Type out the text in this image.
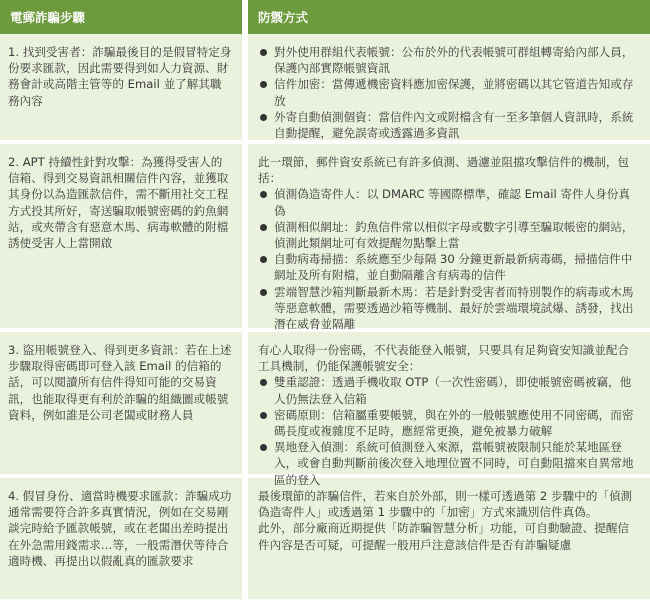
電郵詐騙步驟	防禦方式

1. 找到受害者：詐騙最後目的是假冒特定身份要求匯款，因此需要得到如人力資源、財務會計或高階主管等的 Email 並了解其職務內容

對外使用群組代表帳號：公布於外的代表帳號可群組轉寄給內部人員，保護內部實際帳號資訊
信件加密：當傳遞機密資料應加密保護，並將密碼以其它管道告知或存放
外寄自動偵測個資：當信件內文或附檔含有一至多筆個人資訊時，系統自動提醒，避免誤寄或透露過多資訊

2. APT 持續性針對攻擊：為獲得受害人的信箱、得到交易資訊相關信件內容，並獲取其身份以為造匯款信件，需不斷用社交工程方式投其所好，寄送騙取帳號密碼的釣魚網站，或夾帶含有惡意木馬、病毒軟體的附檔誘使受害人上當開啟

此一環節，郵件資安系統已有許多偵測、過濾並阻擋攻擊信件的機制，包括：

偵測偽造寄件人：以 DMARC 等國際標準，確認 Email 寄件人身份真偽
偵測相似網址：釣魚信件常以相似字母或數字引導至騙取帳密的網站，偵測此類網址可有效提醒勿點擊上當
自動病毒掃描：系統應至少每隔 30 分鐘更新最新病毒碼，掃描信件中網址及所有附檔，並自動隔離含有病毒的信件
雲端智慧沙箱判斷最新木馬：若是針對受害者而特別製作的病毒或木馬等惡意軟體，需要透過沙箱等機制、最好於雲端環境試爆、誘發，找出潛在威脅並隔離

3. 盜用帳號登入、得到更多資訊：若在上述步驟取得密碼即可登入該 Email 的信箱的話，可以閱讀所有信件得知可能的交易資訊，也能取得更有利於詐騙的組織圖或帳號資料，例如誰是公司老闆或財務人員

有心人取得一份密碼，不代表能登入帳號，只要具有足夠資安知識並配合工具機制，仍能保護帳號安全：

雙重認證：透過手機收取 OTP（一次性密碼），即使帳號密碼被竊，他人仍無法登入信箱
密碼原則：信箱屬重要帳號，與在外的一般帳號應使用不同密碼，而密碼長度或複雜度不足時，應經常更換，避免被暴力破解
異地登入偵測：系統可偵測登入來源，當帳號被限制只能於某地區登入，或會自動判斷前後次登入地理位置不同時，可自動阻擋來自異常地區的登入

4. 假冒身份、適當時機要求匯款：詐騙成功通常需要符合許多真實情況，例如在交易剛談完時給予匯款帳號，或在老闆出差時提出在外急需用錢需求…等，一般需潛伏等待合適時機、再提出以假亂真的匯款要求

最後環節的詐騙信件，若來自於外部，則一樣可透過第 2 步驟中的「偵測偽造寄件人」或透過第 1 步驟中的「加密」方式來識別信件真偽。

此外，部分廠商近期提供「防詐騙智慧分析」功能，可自動驗證、提醒信件內容是否可疑，可提醒一般用戶注意該信件是否有詐騙疑慮
